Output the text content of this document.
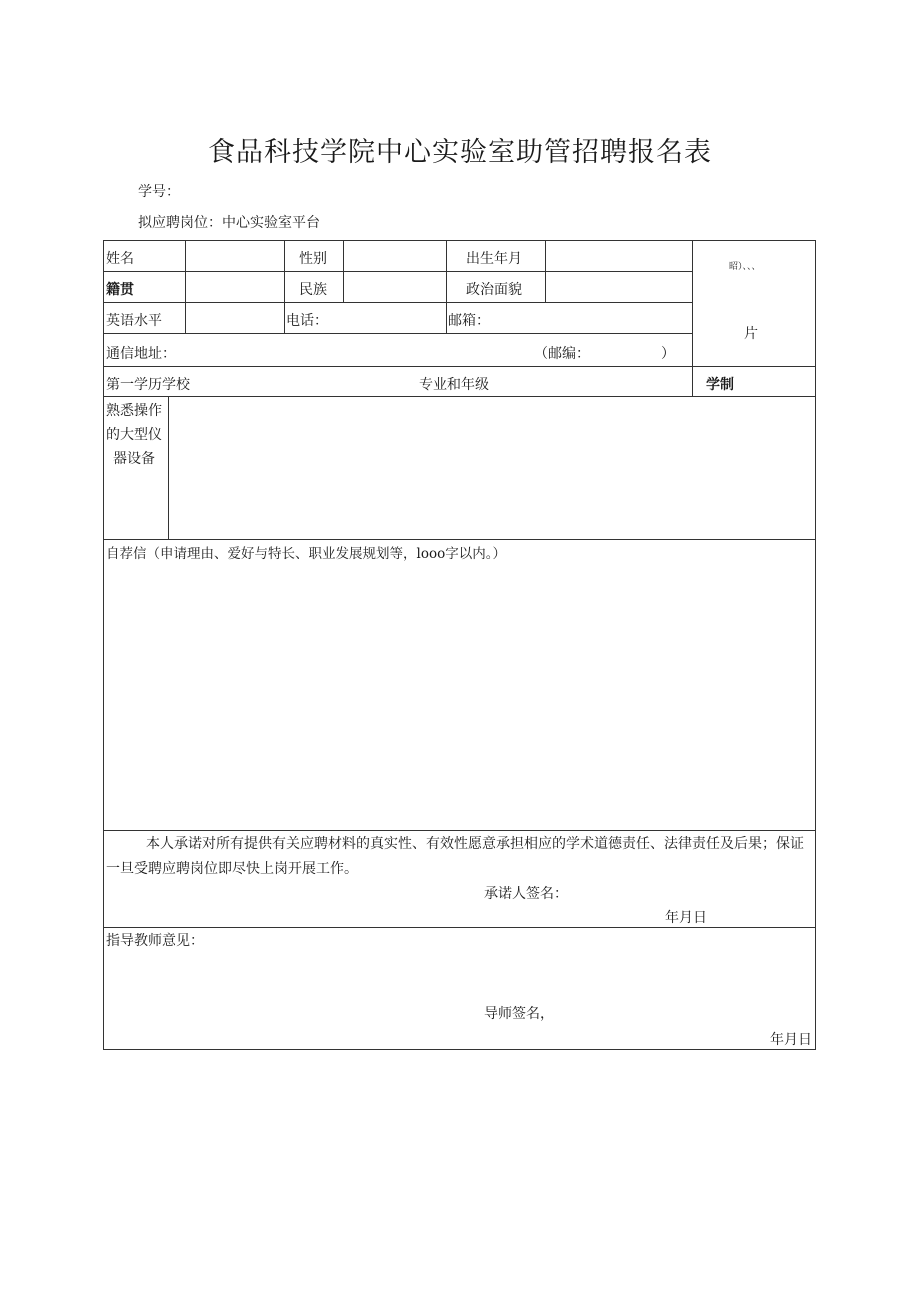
食品科技学院中心实验室助管招聘报名表
学号：
拟应聘岗位：中心实验室平台
姓名	性别	出生年月	昭）、、、
籍贯	民族	政治面貌
英语水平	电话：	邮箱：
片
通信地址：	（邮编：	）
第一学历学校	专业和年级	学制
熟悉操作
的大型仪
器设备
自荐信（申请理由、爱好与特长、职业发展规划等，looo字以内。）
本人承诺对所有提供有关应聘材料的真实性、有效性愿意承担相应的学术道德责任、法律责任及后果；保证一旦受聘应聘岗位即尽快上岗开展工作。
承诺人签名：
年月日
指导教师意见：
导师签名，
年月日
